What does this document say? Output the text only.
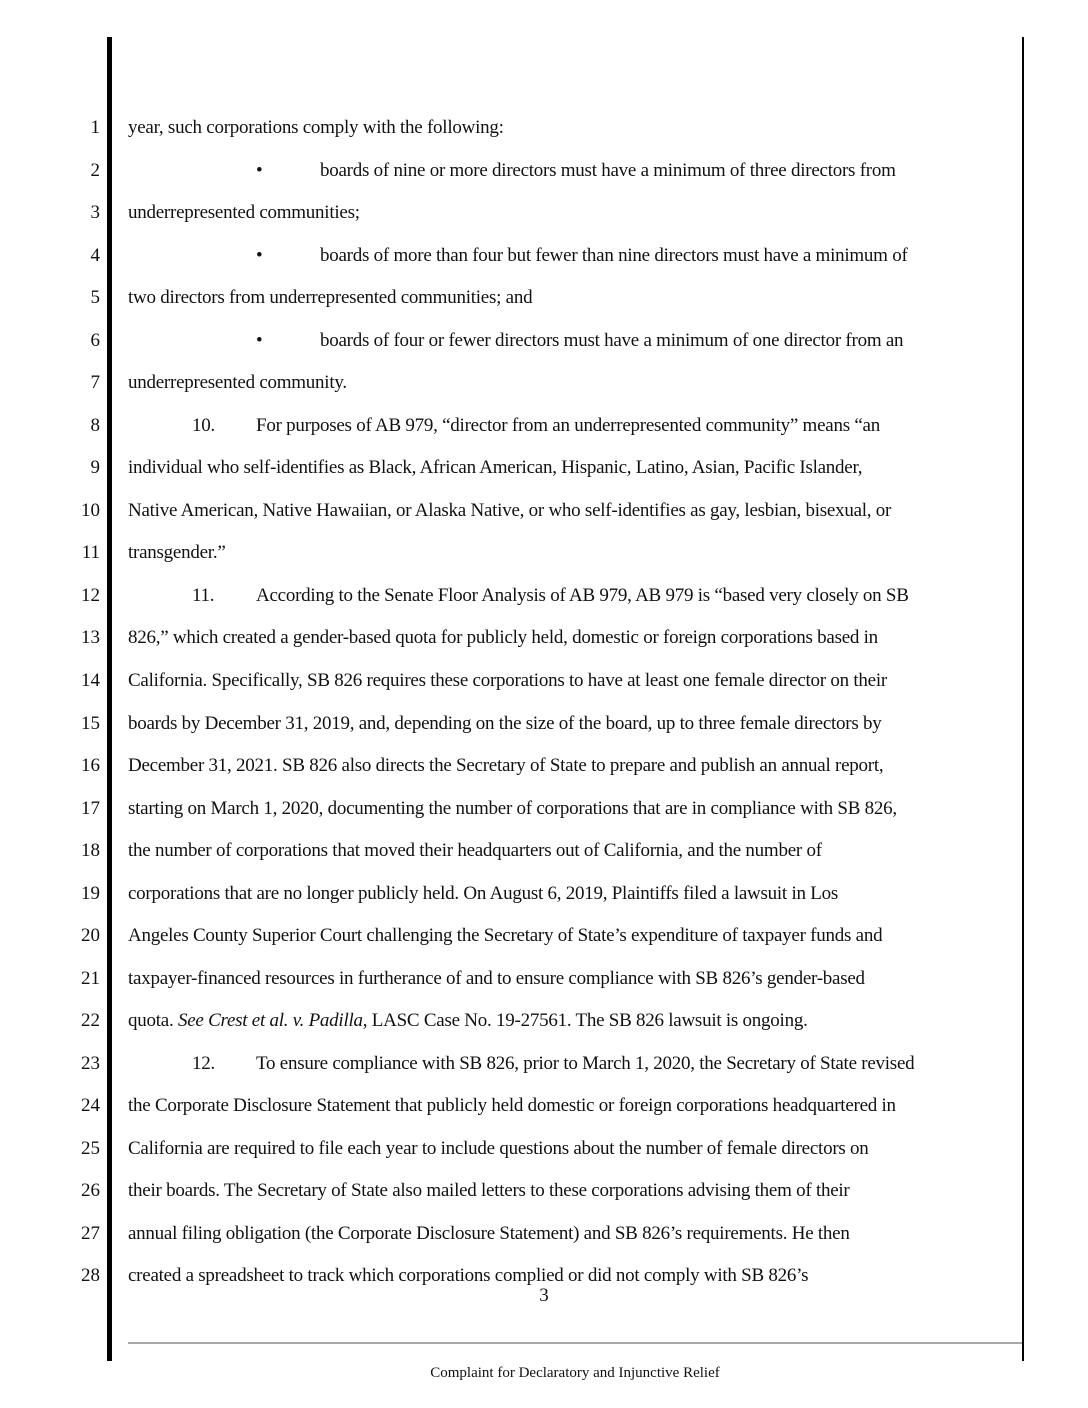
1
2
3
4
5
6
7
8
9
10
11
12
13
14
15
16
17
18
19
20
21
22
23
24
25
26
27
28
year, such corporations comply with the following:
•	boards of nine or more directors must have a minimum of three directors from
underrepresented communities;
•	boards of more than four but fewer than nine directors must have a minimum of
two directors from underrepresented communities; and
•	boards of four or fewer directors must have a minimum of one director from an
underrepresented community.
10. For purposes of AB 979, “director from an underrepresented community” means “an
individual who self-identifies as Black, African American, Hispanic, Latino, Asian, Pacific Islander,
Native American, Native Hawaiian, or Alaska Native, or who self-identifies as gay, lesbian, bisexual, or
transgender.”
11. According to the Senate Floor Analysis of AB 979, AB 979 is “based very closely on SB
826,” which created a gender-based quota for publicly held, domestic or foreign corporations based in
California. Specifically, SB 826 requires these corporations to have at least one female director on their
boards by December 31, 2019, and, depending on the size of the board, up to three female directors by
December 31, 2021. SB 826 also directs the Secretary of State to prepare and publish an annual report,
starting on March 1, 2020, documenting the number of corporations that are in compliance with SB 826,
the number of corporations that moved their headquarters out of California, and the number of
corporations that are no longer publicly held. On August 6, 2019, Plaintiffs filed a lawsuit in Los
Angeles County Superior Court challenging the Secretary of State’s expenditure of taxpayer funds and
taxpayer-financed resources in furtherance of and to ensure compliance with SB 826’s gender-based
quota. See Crest et al. v. Padilla, LASC Case No. 19-27561. The SB 826 lawsuit is ongoing.
12. To ensure compliance with SB 826, prior to March 1, 2020, the Secretary of State revised
the Corporate Disclosure Statement that publicly held domestic or foreign corporations headquartered in
California are required to file each year to include questions about the number of female directors on
their boards. The Secretary of State also mailed letters to these corporations advising them of their
annual filing obligation (the Corporate Disclosure Statement) and SB 826’s requirements. He then
created a spreadsheet to track which corporations complied or did not comply with SB 826’s
3
Complaint for Declaratory and Injunctive Relief
